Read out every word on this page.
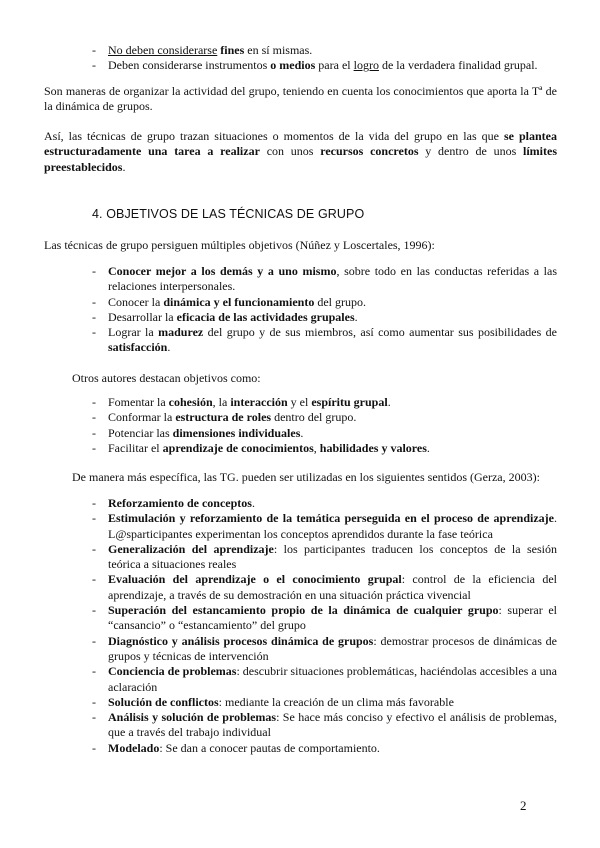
- No deben considerarse fines en sí mismas.
- Deben considerarse instrumentos o medios para el logro de la verdadera finalidad grupal.

Son maneras de organizar la actividad del grupo, teniendo en cuenta los conocimientos que aporta la Tª de la dinámica de grupos.

Así, las técnicas de grupo trazan situaciones o momentos de la vida del grupo en las que se plantea estructuradamente una tarea a realizar con unos recursos concretos y dentro de unos límites preestablecidos.

4. OBJETIVOS DE LAS TÉCNICAS DE GRUPO

Las técnicas de grupo persiguen múltiples objetivos (Núñez y Loscertales, 1996):

- Conocer mejor a los demás y a uno mismo, sobre todo en las conductas referidas a las relaciones interpersonales.
- Conocer la dinámica y el funcionamiento del grupo.
- Desarrollar la eficacia de las actividades grupales.
- Lograr la madurez del grupo y de sus miembros, así como aumentar sus posibilidades de satisfacción.

Otros autores destacan objetivos como:

- Fomentar la cohesión, la interacción y el espíritu grupal.
- Conformar la estructura de roles dentro del grupo.
- Potenciar las dimensiones individuales.
- Facilitar el aprendizaje de conocimientos, habilidades y valores.

De manera más específica, las TG. pueden ser utilizadas en los siguientes sentidos (Gerza, 2003):

- Reforzamiento de conceptos.
- Estimulación y reforzamiento de la temática perseguida en el proceso de aprendizaje. L@sparticipantes experimentan los conceptos aprendidos durante la fase teórica
- Generalización del aprendizaje: los participantes traducen los conceptos de la sesión teórica a situaciones reales
- Evaluación del aprendizaje o el conocimiento grupal: control de la eficiencia del aprendizaje, a través de su demostración en una situación práctica vivencial
- Superación del estancamiento propio de la dinámica de cualquier grupo: superar el “cansancio” o “estancamiento” del grupo
- Diagnóstico y análisis procesos dinámica de grupos: demostrar procesos de dinámicas de grupos y técnicas de intervención
- Conciencia de problemas: descubrir situaciones problemáticas, haciéndolas accesibles a una aclaración
- Solución de conflictos: mediante la creación de un clima más favorable
- Análisis y solución de problemas: Se hace más conciso y efectivo el análisis de problemas, que a través del trabajo individual
- Modelado: Se dan a conocer pautas de comportamiento.
2
